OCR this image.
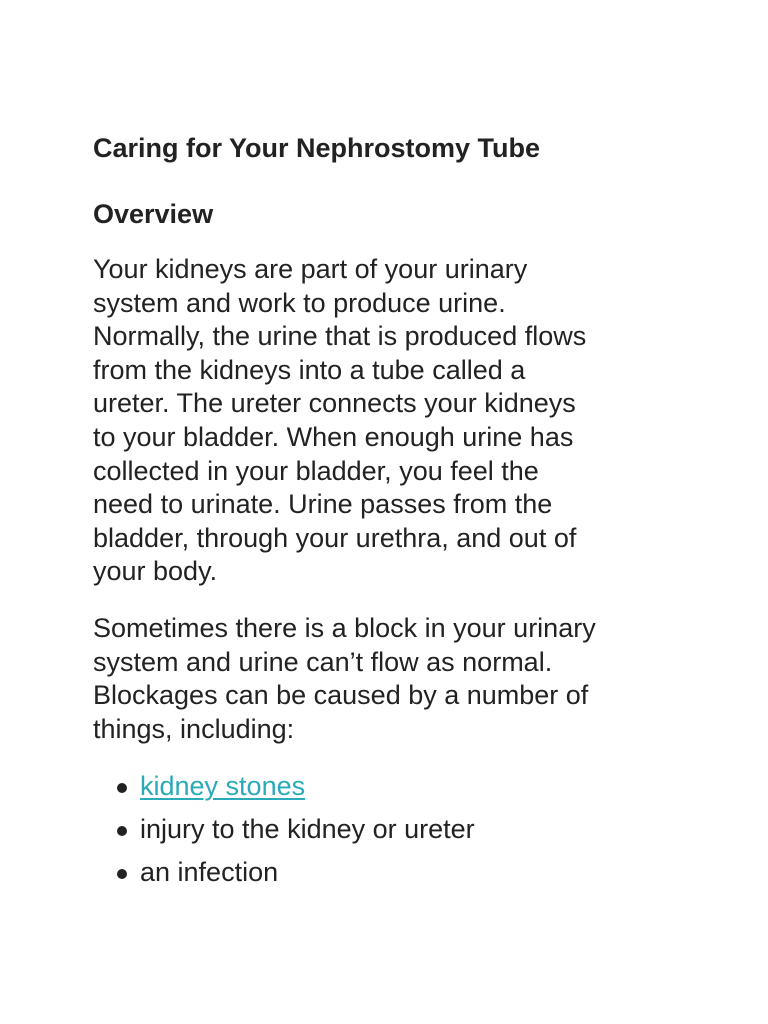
Caring for Your Nephrostomy Tube
Overview

Your kidneys are part of your urinary
system and work to produce urine.
Normally, the urine that is produced flows
from the kidneys into a tube called a
ureter. The ureter connects your kidneys
to your bladder. When enough urine has
collected in your bladder, you feel the
need to urinate. Urine passes from the
bladder, through your urethra, and out of
your body.

Sometimes there is a block in your urinary
system and urine can’t flow as normal.
Blockages can be caused by a number of
things, including:

kidney stones
injury to the kidney or ureter
an infection
